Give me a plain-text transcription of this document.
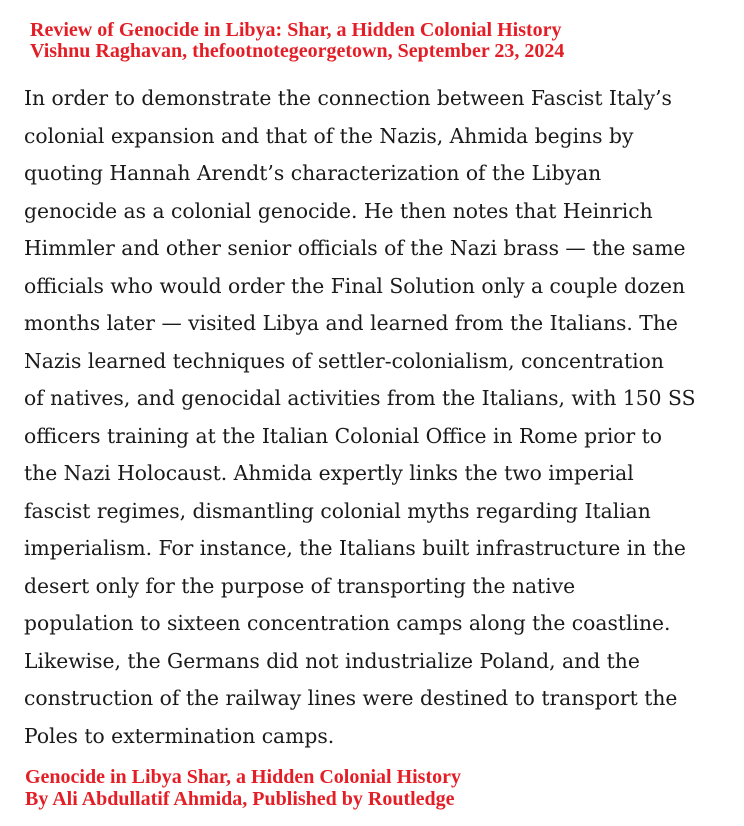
Review of Genocide in Libya: Shar, a Hidden Colonial History
Vishnu Raghavan, thefootnotegeorgetown, September 23, 2024
In order to demonstrate the connection between Fascist Italy’s
colonial expansion and that of the Nazis, Ahmida begins by
quoting Hannah Arendt’s characterization of the Libyan
genocide as a colonial genocide. He then notes that Heinrich
Himmler and other senior officials of the Nazi brass — the same
officials who would order the Final Solution only a couple dozen
months later — visited Libya and learned from the Italians. The
Nazis learned techniques of settler-colonialism, concentration
of natives, and genocidal activities from the Italians, with 150 SS
officers training at the Italian Colonial Office in Rome prior to
the Nazi Holocaust. Ahmida expertly links the two imperial
fascist regimes, dismantling colonial myths regarding Italian
imperialism. For instance, the Italians built infrastructure in the
desert only for the purpose of transporting the native
population to sixteen concentration camps along the coastline.
Likewise, the Germans did not industrialize Poland, and the
construction of the railway lines were destined to transport the
Poles to extermination camps.
Genocide in Libya Shar, a Hidden Colonial History
By Ali Abdullatif Ahmida, Published by Routledge
